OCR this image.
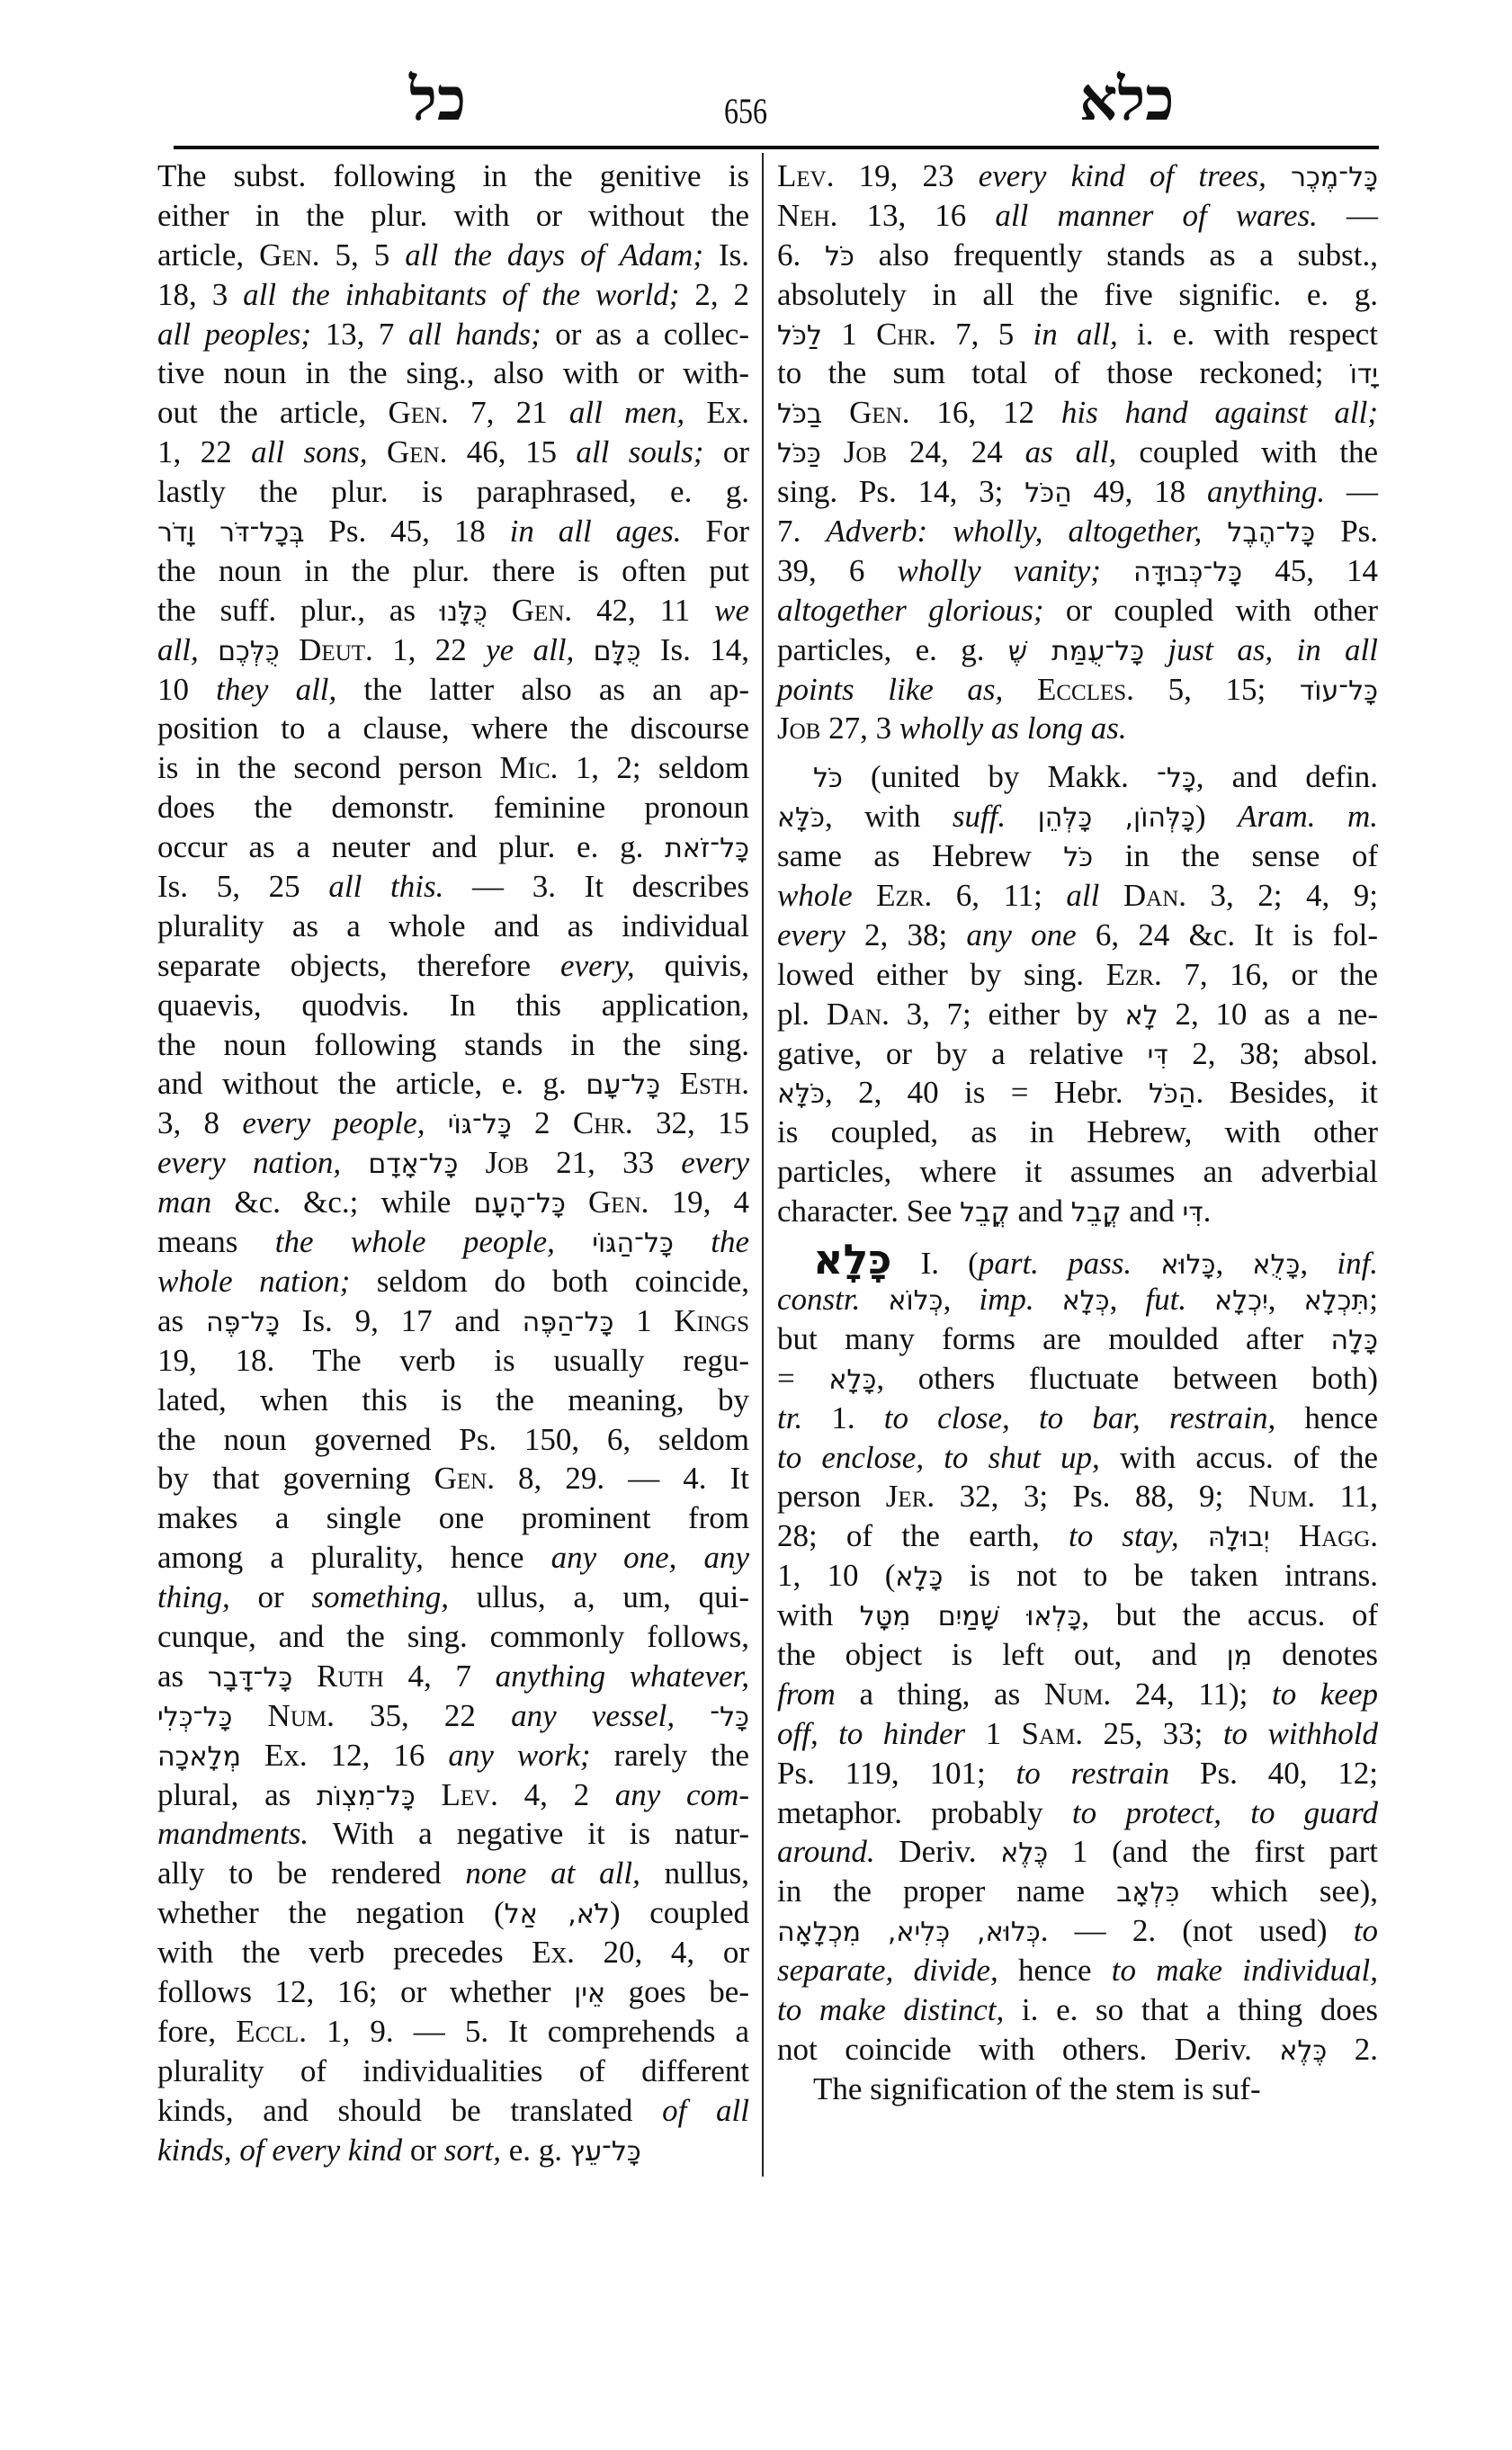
כל	656	כלא
The subst. following in the genitive is
either in the plur. with or without the
article, Gen. 5, 5 all the days of Adam; Is.
18, 3 all the inhabitants of the world; 2, 2
all peoples; 13, 7 all hands; or as a collec-
tive noun in the sing., also with or with-
out the article, Gen. 7, 21 all men, Ex.
1, 22 all sons, Gen. 46, 15 all souls; or
lastly the plur. is paraphrased, e. g.
בְּכָל־דֹּר וָדֹר Ps. 45, 18 in all ages. For
the noun in the plur. there is often put
the suff. plur., as כֻּלָּנוּ Gen. 42, 11 we
all, כֻּלְּכֶם Deut. 1, 22 ye all, כֻּלָּם Is. 14,
10 they all, the latter also as an ap-
position to a clause, where the discourse
is in the second person Mic. 1, 2; seldom
does the demonstr. feminine pronoun
occur as a neuter and plur. e. g. כָּל־זֹאת
Is. 5, 25 all this. — 3. It describes
plurality as a whole and as individual
separate objects, therefore every, quivis,
quaevis, quodvis. In this application,
the noun following stands in the sing.
and without the article, e. g. כָּל־עָם Esth.
3, 8 every people, כָּל־גּוֹי 2 Chr. 32, 15
every nation, כָּל־אָדָם Job 21, 33 every
man &c. &c.; while כָּל־הָעָם Gen. 19, 4
means the whole people, כָּל־הַגּוֹי the
whole nation; seldom do both coincide,
as כָּל־פֶּה Is. 9, 17 and כָּל־הַפֶּה 1 Kings
19, 18. The verb is usually regu-
lated, when this is the meaning, by
the noun governed Ps. 150, 6, seldom
by that governing Gen. 8, 29. — 4. It
makes a single one prominent from
among a plurality, hence any one, any
thing, or something, ullus, a, um, qui-
cunque, and the sing. commonly follows,
as כָּל־דָּבָר Ruth 4, 7 anything whatever,
כָּל־כְּלִי Num. 35, 22 any vessel, כָּל־
מְלָאכָה Ex. 12, 16 any work; rarely the
plural, as כָּל־מִצְוֹת Lev. 4, 2 any com-
mandments. With a negative it is natur-
ally to be rendered none at all, nullus,
whether the negation (לֹא, אַל) coupled
with the verb precedes Ex. 20, 4, or
follows 12, 16; or whether אֵין goes be-
fore, Eccl. 1, 9. — 5. It comprehends a
plurality of individualities of different
kinds, and should be translated of all
kinds, of every kind or sort, e. g. כָּל־עֵץ
Lev. 19, 23 every kind of trees, כָּל־מֶכֶר
Neh. 13, 16 all manner of wares. —
6. כֹּל also frequently stands as a subst.,
absolutely in all the five signific. e. g.
לַכֹּל 1 Chr. 7, 5 in all, i. e. with respect
to the sum total of those reckoned; יָדוֹ
בַכֹּל Gen. 16, 12 his hand against all;
כַּכֹּל Job 24, 24 as all, coupled with the
sing. Ps. 14, 3; הַכֹּל 49, 18 anything. —
7. Adverb: wholly, altogether, כָּל־הֶבֶל Ps.
39, 6 wholly vanity; כָּל־כְּבוּדָּה 45, 14
altogether glorious; or coupled with other
particles, e. g. כָּל־עֻמַּת שֶׁ just as, in all
points like as, Eccles. 5, 15; כָּל־עוֹד
Job 27, 3 wholly as long as.
כֹּל (united by Makk. כָּל־, and defin.
כֹּלָּא, with suff. כָּלְּהוֹן, כָּלְּהֵן) Aram. m.
same as Hebrew כֹּל in the sense of
whole Ezr. 6, 11; all Dan. 3, 2; 4, 9;
every 2, 38; any one 6, 24 &c. It is fol-
lowed either by sing. Ezr. 7, 16, or the
pl. Dan. 3, 7; either by לָא 2, 10 as a ne-
gative, or by a relative דִּי 2, 38; absol.
כֹּלָּא, 2, 40 is = Hebr. הַכֹּל. Besides, it
is coupled, as in Hebrew, with other
particles, where it assumes an adverbial
character. See קֳבֵל and קֳבֵל and דִּי.
כָּלָא I. (part. pass. כָּלוּא, כָּלֻא, inf.
constr. כְּלוֹא, imp. כְּלָא, fut. יִכְלָא, תִּכְלָא;
but many forms are moulded after כָּלָה
= כָּלָא, others fluctuate between both)
tr. 1. to close, to bar, restrain, hence
to enclose, to shut up, with accus. of the
person Jer. 32, 3; Ps. 88, 9; Num. 11,
28; of the earth, to stay, יְבוּלָהּ Hagg.
1, 10 (כָּלָא is not to be taken intrans.
with כָּלְאוּ שָׁמַיִם מִטָּל, but the accus. of
the object is left out, and מִן denotes
from a thing, as Num. 24, 11); to keep
off, to hinder 1 Sam. 25, 33; to withhold
Ps. 119, 101; to restrain Ps. 40, 12;
metaphor. probably to protect, to guard
around. Deriv. כֶּלֶא 1 (and the first part
in the proper name כִּלְאָב which see),
כְּלוּא, כְּלִיא, מִכְלָאָה. — 2. (not used) to
separate, divide, hence to make individual,
to make distinct, i. e. so that a thing does
not coincide with others. Deriv. כֶּלֶא 2.
The signification of the stem is suf-
